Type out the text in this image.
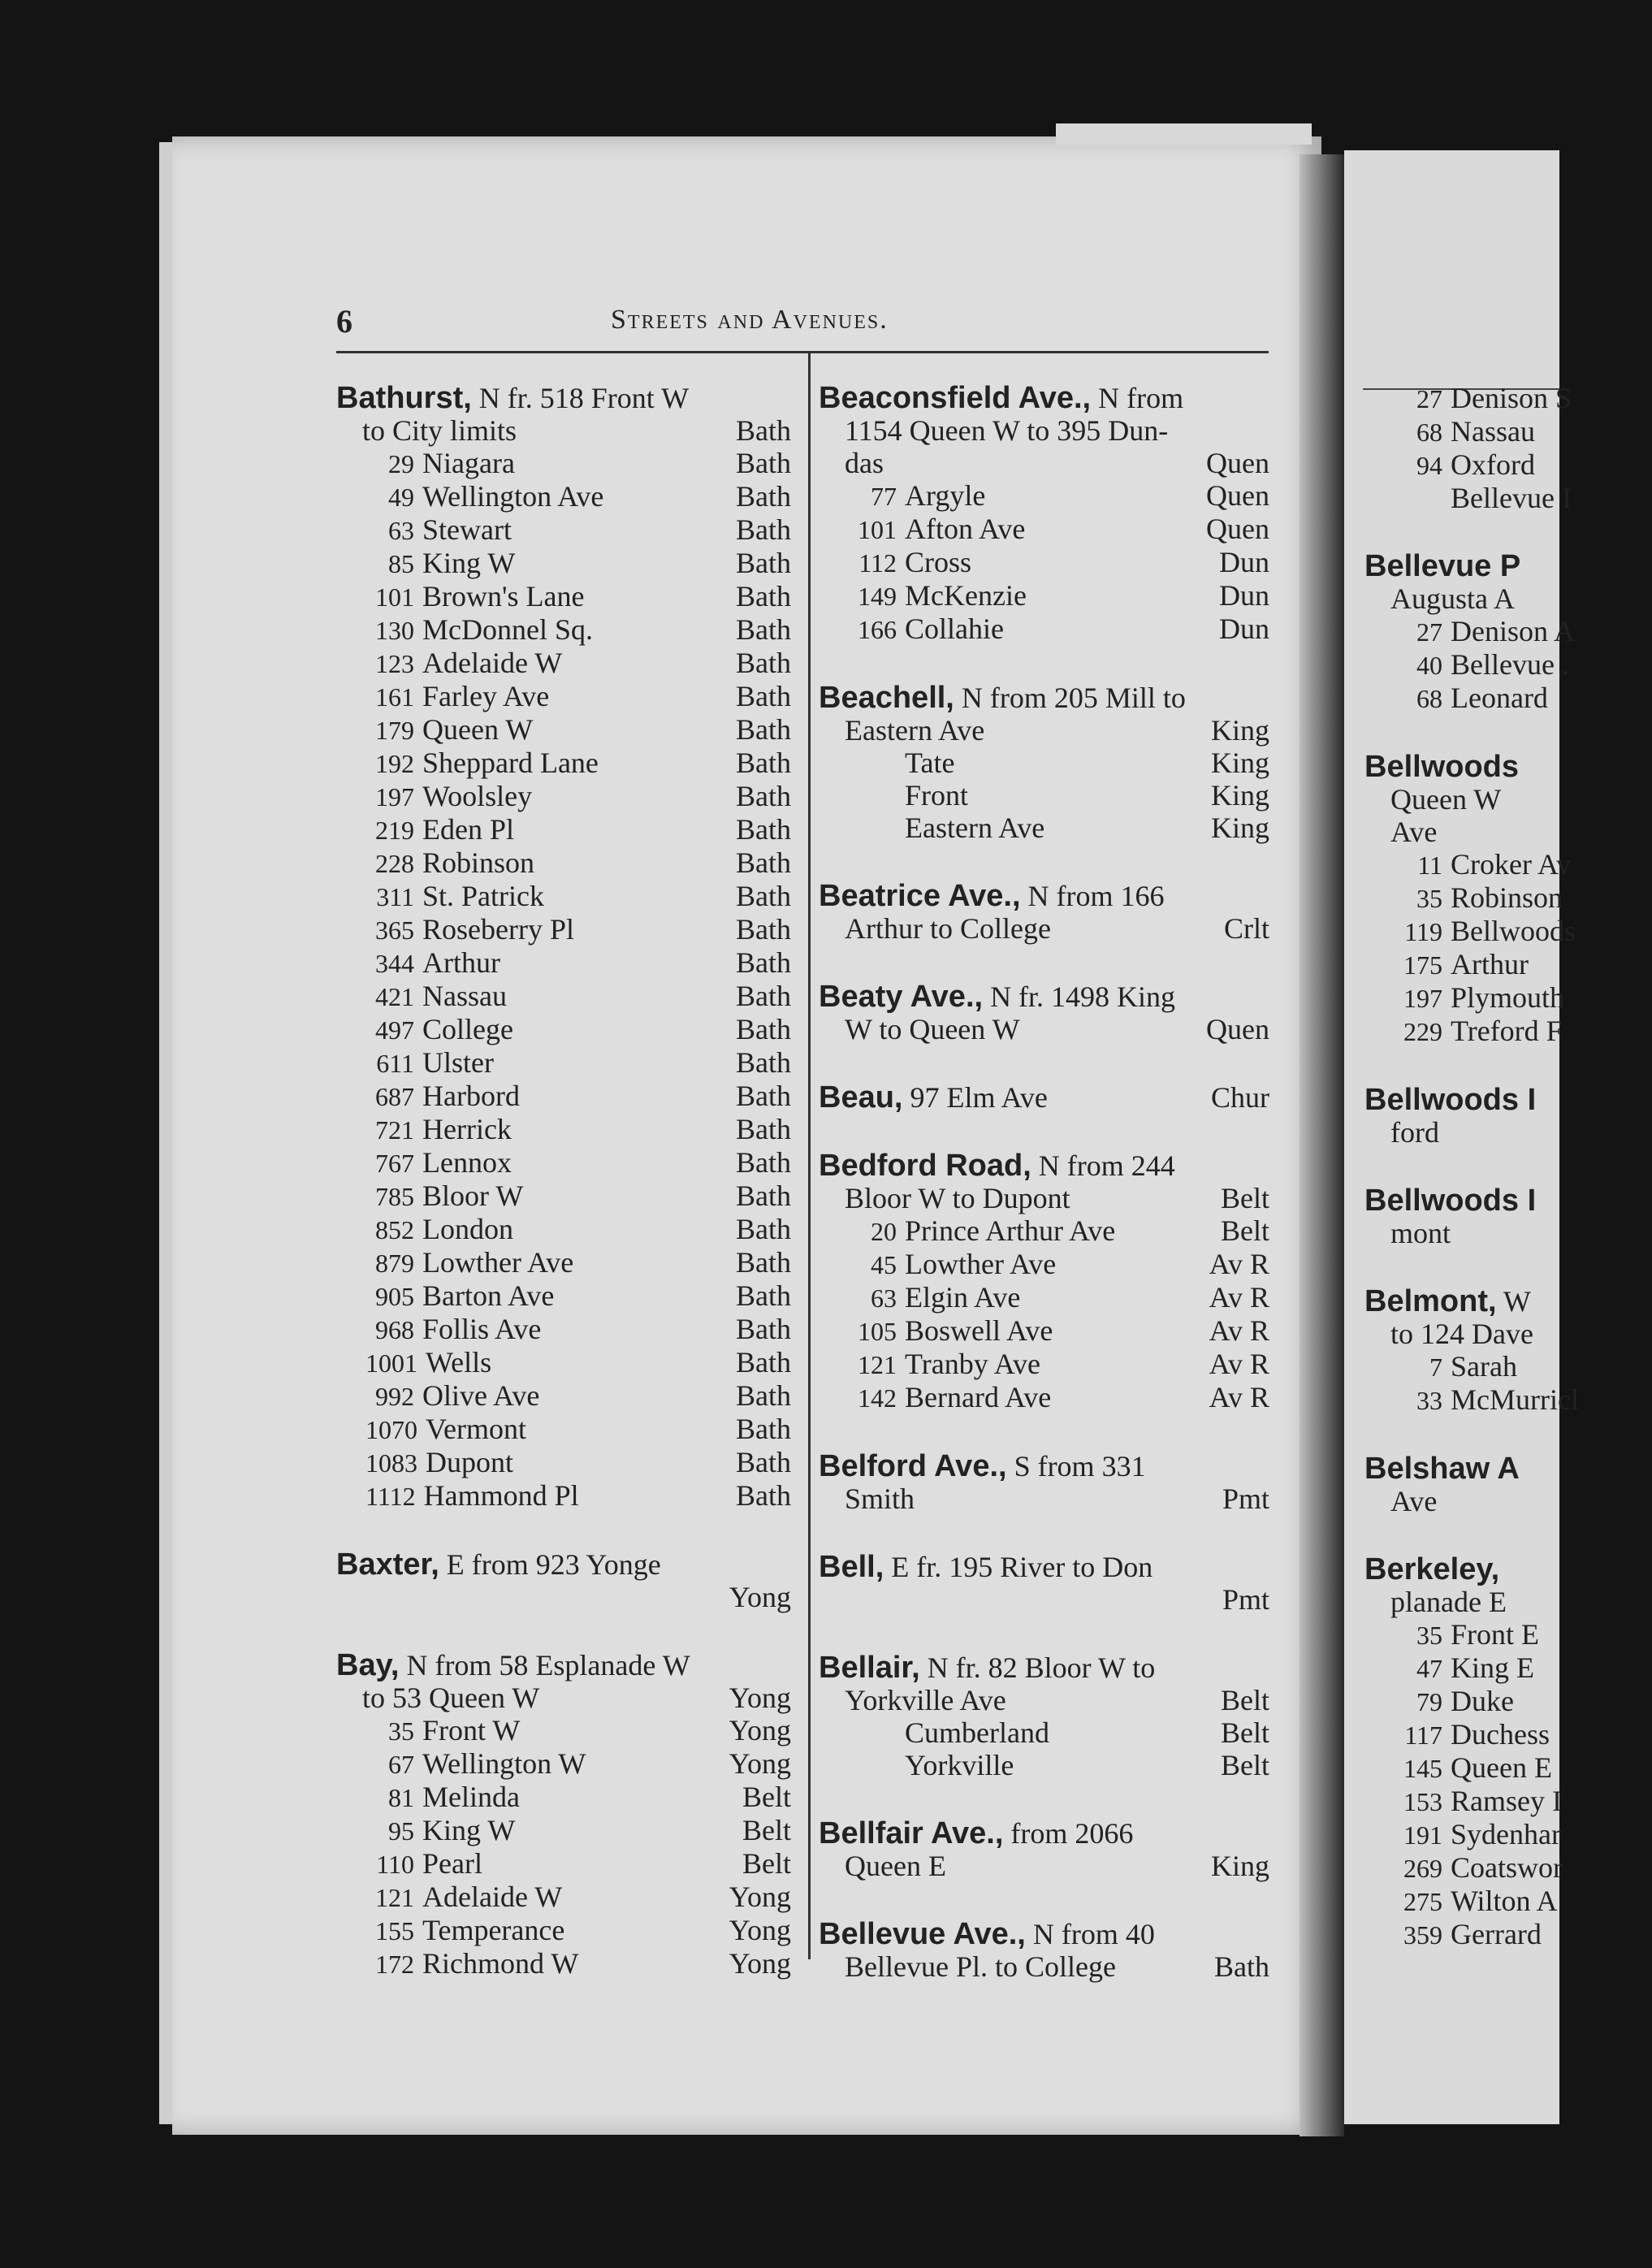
6	Streets and Avenues.
Bathurst, N fr. 518 Front W
to City limits	Bath
29 Niagara	Bath
49 Wellington Ave	Bath
63 Stewart	Bath
85 King W	Bath
101 Brown's Lane	Bath
130 McDonnel Sq.	Bath
123 Adelaide W	Bath
161 Farley Ave	Bath
179 Queen W	Bath
192 Sheppard Lane	Bath
197 Woolsley	Bath
219 Eden Pl	Bath
228 Robinson	Bath
311 St. Patrick	Bath
365 Roseberry Pl	Bath
344 Arthur	Bath
421 Nassau	Bath
497 College	Bath
611 Ulster	Bath
687 Harbord	Bath
721 Herrick	Bath
767 Lennox	Bath
785 Bloor W	Bath
852 London	Bath
879 Lowther Ave	Bath
905 Barton Ave	Bath
968 Follis Ave	Bath
1001 Wells	Bath
992 Olive Ave	Bath
1070 Vermont	Bath
1083 Dupont	Bath
1112 Hammond Pl	Bath
Baxter, E from 923 Yonge
Yong
Bay, N from 58 Esplanade W
to 53 Queen W	Yong
35 Front W	Yong
67 Wellington W	Yong
81 Melinda	Belt
95 King W	Belt
110 Pearl	Belt
121 Adelaide W	Yong
155 Temperance	Yong
172 Richmond W	Yong
Beaconsfield Ave., N from
1154 Queen W to 395 Dun-
das	Quen
77 Argyle	Quen
101 Afton Ave	Quen
112 Cross	Dun
149 McKenzie	Dun
166 Collahie	Dun
Beachell, N from 205 Mill to
Eastern Ave	King
Tate	King
Front	King
Eastern Ave	King
Beatrice Ave., N from 166
Arthur to College	Crlt
Beaty Ave., N fr. 1498 King
W to Queen W	Quen
Beau, 97 Elm Ave	Chur
Bedford Road, N from 244
Bloor W to Dupont	Belt
20 Prince Arthur Ave	Belt
45 Lowther Ave	Av R
63 Elgin Ave	Av R
105 Boswell Ave	Av R
121 Tranby Ave	Av R
142 Bernard Ave	Av R
Belford Ave., S from 331
Smith	Pmt
Bell, E fr. 195 River to Don
Pmt
Bellair, N fr. 82 Bloor W to
Yorkville Ave	Belt
Cumberland	Belt
Yorkville	Belt
Bellfair Ave., from 2066
Queen E	King
Bellevue Ave., N from 40
Bellevue Pl. to College	Bath
27 Denison S
68 Nassau
94 Oxford
Bellevue I
Bellevue P
Augusta A
27 Denison A
40 Bellevue .
68 Leonard
Bellwoods
Queen W
Ave
11 Croker Av
35 Robinson
119 Bellwoods
175 Arthur
197 Plymouth
229 Treford F
Bellwoods I
ford
Bellwoods I
mont
Belmont, W
to 124 Dave
7 Sarah
33 McMurricl
Belshaw A
Ave
Berkeley,
planade E
35 Front E
47 King E
79 Duke
117 Duchess
145 Queen E
153 Ramsey I
191 Sydenhar
269 Coatswor
275 Wilton A
359 Gerrard
